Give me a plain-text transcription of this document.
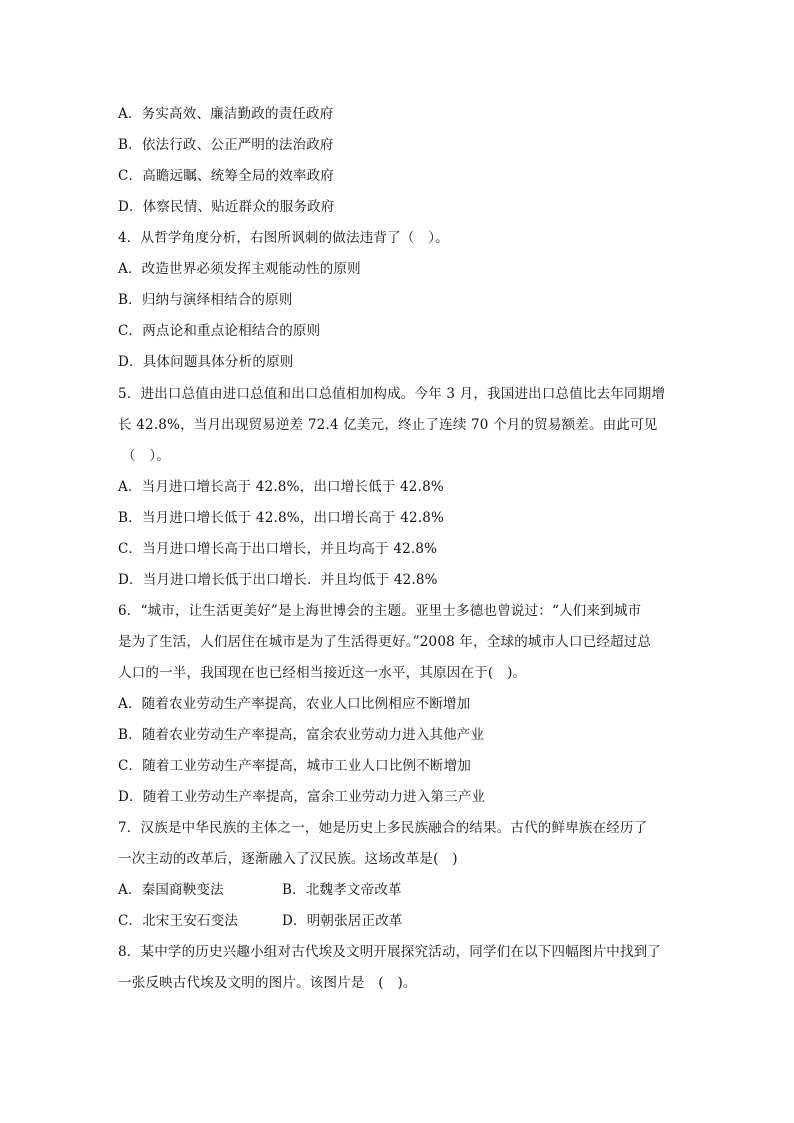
A．务实高效、廉洁勤政的责任政府
B．依法行政、公正严明的法治政府
C．高瞻远瞩、统筹全局的效率政府
D．体察民情、贴近群众的服务政府
4．从哲学角度分析，右图所讽刺的做法违背了（　）。
A．改造世界必须发挥主观能动性的原则
B．归纳与演绎相结合的原则
C．两点论和重点论相结合的原则
D．具体问题具体分析的原则
5．进出口总值由进口总值和出口总值相加构成。今年 3 月，我国进出口总值比去年同期增
长 42.8%，当月出现贸易逆差 72.4 亿美元，终止了连续 70 个月的贸易额差。由此可见
（　）。
A．当月进口增长高于 42.8%，出口增长低于 42.8%
B．当月进口增长低于 42.8%，出口增长高于 42.8%
C．当月进口增长高于出口增长，并且均高于 42.8%
D．当月进口增长低于出口增长．并且均低于 42.8%
6．“城市，让生活更美好”是上海世博会的主题。亚里士多德也曾说过：“人们来到城市
是为了生活，人们居住在城市是为了生活得更好。”2008 年，全球的城市人口已经超过总
人口的一半，我国现在也已经相当接近这一水平，其原因在于(　)。
A．随着农业劳动生产率提高，农业人口比例相应不断增加
B．随着农业劳动生产率提高，富余农业劳动力进入其他产业
C．随着工业劳动生产率提高，城市工业人口比例不断增加
D．随着工业劳动生产率提高，富余工业劳动力进入第三产业
7．汉族是中华民族的主体之一，她是历史上多民族融合的结果。古代的鲜卑族在经历了
一次主动的改革后，逐渐融入了汉民族。这场改革是(　)
A．秦国商鞅变法	B．北魏孝文帝改革
C．北宋王安石变法	D．明朝张居正改革
8．某中学的历史兴趣小组对古代埃及文明开展探究活动，同学们在以下四幅图片中找到了
一张反映古代埃及文明的图片。该图片是　(　)。
